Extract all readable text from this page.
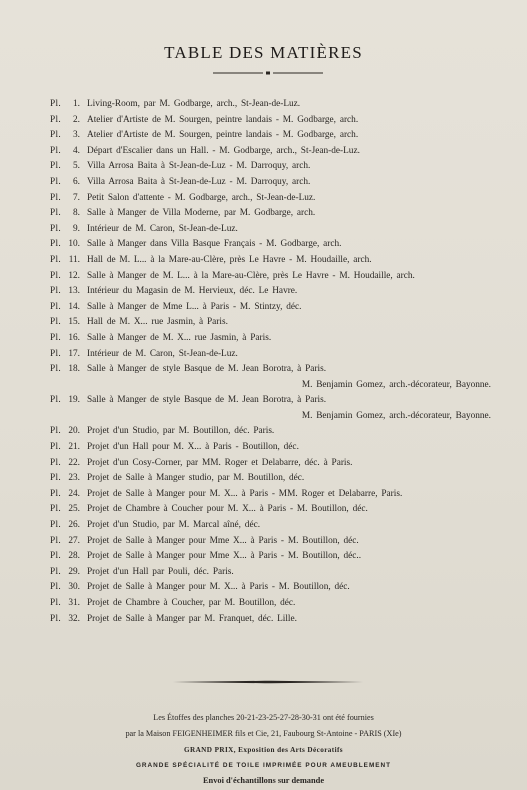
TABLE DES MATIÈRES
Pl.	1. Living-Room, par M. Godbarge, arch., St-Jean-de-Luz.
Pl.	2. Atelier d'Artiste de M. Sourgen, peintre landais - M. Godbarge, arch.
Pl.	3. Atelier d'Artiste de M. Sourgen, peintre landais - M. Godbarge, arch.
Pl.	4. Départ d'Escalier dans un Hall. - M. Godbarge, arch., St-Jean-de-Luz.
Pl.	5. Villa Arrosa Baita à St-Jean-de-Luz - M. Darroquy, arch.
Pl.	6. Villa Arrosa Baita à St-Jean-de-Luz - M. Darroquy, arch.
Pl.	7. Petit Salon d'attente - M. Godbarge, arch., St-Jean-de-Luz.
Pl.	8. Salle à Manger de Villa Moderne, par M. Godbarge, arch.
Pl.	9. Intérieur de M. Caron, St-Jean-de-Luz.
Pl. 10. Salle à Manger dans Villa Basque Français - M. Godbarge, arch.
Pl. 11. Hall de M. L... à la Mare-au-Clère, près Le Havre - M. Houdaille, arch.
Pl. 12. Salle à Manger de M. L... à la Mare-au-Clère, près Le Havre - M. Houdaille, arch.
Pl. 13. Intérieur du Magasin de M. Hervieux, déc. Le Havre.
Pl. 14. Salle à Manger de Mme L... à Paris - M. Stintzy, déc.
Pl. 15. Hall de M. X... rue Jasmin, à Paris.
Pl. 16. Salle à Manger de M. X... rue Jasmin, à Paris.
Pl. 17. Intérieur de M. Caron, St-Jean-de-Luz.
Pl. 18. Salle à Manger de style Basque de M. Jean Borotra, à Paris.
M. Benjamin Gomez, arch.-décorateur, Bayonne.
Pl. 19. Salle à Manger de style Basque de M. Jean Borotra, à Paris.
M. Benjamin Gomez, arch.-décorateur, Bayonne.
Pl. 20. Projet d'un Studio, par M. Boutillon, déc. Paris.
Pl. 21. Projet d'un Hall pour M. X... à Paris - Boutillon, déc.
Pl. 22. Projet d'un Cosy-Corner, par MM. Roger et Delabarre, déc. à Paris.
Pl. 23. Projet de Salle à Manger studio, par M. Boutillon, déc.
Pl. 24. Projet de Salle à Manger pour M. X... à Paris - MM. Roger et Delabarre, Paris.
Pl. 25. Projet de Chambre à Coucher pour M. X... à Paris - M. Boutillon, déc.
Pl. 26. Projet d'un Studio, par M. Marcal aîné, déc.
Pl. 27. Projet de Salle à Manger pour Mme X... à Paris - M. Boutillon, déc.
Pl. 28. Projet de Salle à Manger pour Mme X... à Paris - M. Boutillon, déc..
Pl. 29. Projet d'un Hall par Pouli, déc. Paris.
Pl. 30. Projet de Salle à Manger pour M. X... à Paris - M. Boutillon, déc.
Pl. 31. Projet de Chambre à Coucher, par M. Boutillon, déc.
Pl. 32. Projet de Salle à Manger par M. Franquet, déc. Lille.
Les Étoffes des planches 20-21-23-25-27-28-30-31 ont été fournies
par la Maison FEIGENHEIMER fils et Cie, 21, Faubourg St-Antoine - PARIS (XIe)
GRAND PRIX, Exposition des Arts Décoratifs
GRANDE SPÉCIALITÉ DE TOILE IMPRIMÉE POUR AMEUBLEMENT
Envoi d'échantillons sur demande
